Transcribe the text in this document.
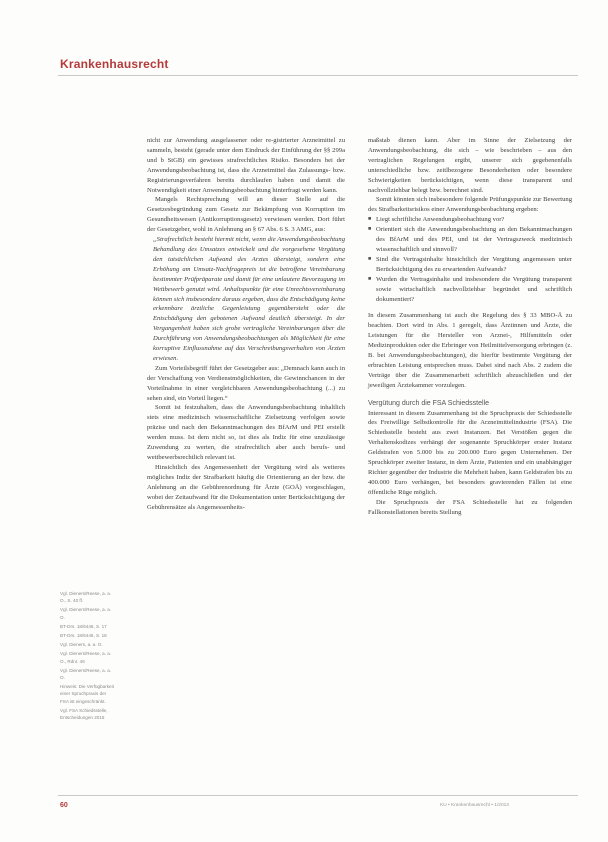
Krankenhausrecht

nicht zur Anwendung ausgelassener oder re-gistrierter Arzneimittel zu sammeln, besteht (gerade unter dem Eindruck der Einführung der §§ 299a und b StGB) ein gewisses strafrechtliches Risiko. Besonders bei der Anwendungsbeobachtung ist, dass die Arzneimittel das Zulassungs- bzw. Registrierungsverfahren bereits durchlaufen haben und damit die Notwendigkeit einer Anwendungsbeobachtung hinterfragt werden kann.

Mangels Rechtsprechung will an dieser Stelle auf die Gesetzesbegründung zum Gesetz zur Bekämpfung von Korruption im Gesundheitswesen (Antikorruptionsgesetz) verwiesen werden. Dort führt der Gesetzgeber, wohl in Anlehnung an § 67 Abs. 6 S. 3 AMG, aus:

„Strafrechtlich besteht hiermit nicht, wenn die Anwendungsbeobachtung Behandlung des Umsatzes entwickelt und die vorgesehene Vergütung den tatsächlichen Aufwand des Arztes übersteigt, sondern eine Erhöhung am Umsatz-Nachfragepreis ist die betroffene Vereinbarung bestimmter Prüfpräparate und damit für eine unlautere Bevorzugung im Wettbewerb genutzt wird. Anhaltspunkte für eine Unrechtsvereinbarung können sich insbesondere daraus ergeben, dass die Entschädigung keine erkennbare ärztliche Gegenleistung gegenübersteht oder die Entschädigung den gebotenen Aufwand deutlich übersteigt. In der Vergangenheit haben sich grobe vertragliche Vereinbarungen über die Durchführung von Anwendungsbeobachtungen als Möglichkeit für eine korruptive Einflussnahme auf das Verschreibungsverhalten von Ärzten erwiesen.

Zum Vorteilsbegriff führt der Gesetzgeber aus: „Demnach kann auch in der Verschaffung von Verdienstmöglichkeiten, die Gewinnchancen in der Vorteilnahme in einer vergleichbaren Anwendungsbeobachtung (...) zu sehen sind, ein Vorteil liegen.“

Somit ist festzuhalten, dass die Anwendungsbeobachtung inhaltlich stets eine medizinisch wissenschaftliche Zielsetzung verfolgen sowie präzise und nach den Bekanntmachungen des BfArM und PEI erstellt werden muss. Ist dem nicht so, ist dies als Indiz für eine unzulässige Zuwendung zu werten, die strafrechtlich aber auch berufs- und wettbewerbsrechtlich relevant ist.

Hinsichtlich des Angemessenheit der Vergütung wird als weiteres mögliches Indiz der Strafbarkeit häufig die Orientierung an der bzw. die Anlehnung an die Gebührenordnung für Ärzte (GOÄ) vorgeschlagen, wobei der Zeitaufwand für die Dokumentation unter Berücksichtigung der Gebührensätze als Angemessenheits-

maßstab dienen kann. Aber im Sinne der Zielsetzung der Anwendungsbeobachtung, die sich – wie beschrieben – aus den vertraglichen Regelungen ergibt, unserer sich gegebenenfalls unterschiedliche bzw. zeitlbezogene Besonderheiten oder besondere Schwierigkeiten berücksichtigen, wenn diese transparent und nachvollziehbar belegt bzw. berechnet sind.

Somit könnten sich insbesondere folgende Prüfungspunkte zur Bewertung des Strafbarkeitsrisikos einer Anwendungsbeobachtung ergeben:

■ Liegt schriftliche Anwendungsbeobachtung vor?
■ Orientiert sich die Anwendungsbeobachtung an den Bekanntmachungen des BfArM und des PEI, und ist der Vertragszweck medizinisch wissenschaftlich und sinnvoll?
■ Sind die Vertragsinhalte hinsichtlich der Vergütung angemessen unter Berücksichtigung des zu erwartenden Aufwands?
■ Wurden die Vertragsinhalte und insbesondere die Vergütung transparent sowie wirtschaftlich nachvollziehbar begründet und schriftlich dokumentiert?

In diesem Zusammenhang ist auch die Regelung des § 33 MBO-Ä zu beachten. Dort wird in Abs. 1 geregelt, dass Ärztinnen und Ärzte, die Leistungen für die Hersteller von Arznei-, Hilfsmitteln oder Medizinprodukten oder die Erbringer von Heilmittelversorgung erbringen (z. B. bei Anwendungsbeobachtungen), die hierfür bestimmte Vergütung der erbrachten Leistung entsprechen muss. Dabei sind nach Abs. 2 zudem die Verträge über die Zusammenarbeit schriftlich abzuschließen und der jeweiligen Ärztekammer vorzulegen.

Vergütung durch die FSA Schiedsstelle

Interessant in diesem Zusammenhang ist die Spruchpraxis der Schiedsstelle des Freiwillige Selbstkontrolle für die Arzneimittelindustrie (FSA). Die Schiedsstelle besteht aus zwei Instanzen. Bei Verstößen gegen die Verhaltenskodizes verhängt der sogenannte Spruchkörper erster Instanz Geldstrafen von 5.000 bis zu 200.000 Euro gegen Unternehmen. Der Spruchkörper zweiter Instanz, in dem Ärzte, Patienten und ein unabhängiger Richter gegenüber der Industrie die Mehrheit haben, kann Geldstrafen bis zu 400.000 Euro verhängen, bei besonders gravierenden Fällen ist eine öffentliche Rüge möglich.

Die Spruchpraxis der FSA Schiedsstelle hat zu folgenden Fallkonstellationen bereits Stellung

Vgl. Dieners/Reese, a. a. O., S. 40 ff.
Vgl. Dieners/Reese, a. a. O.
BT-Drs. 18/6446, S. 17
BT-Drs. 18/6446, S. 18
Vgl. Dieners, a. a. O.
Vgl. Dieners/Reese, a. a. O., Rdnr. 46
Vgl. Dieners/Reese, a. a. O.
Hinweis: Die Verfügbarkeit einer Spruchpraxis der FSA ist eingeschränkt.
Vgl. FSA Schiedsstelle, Entscheidungen 2015
60	KU • Krankenhausrecht • 1/2013
